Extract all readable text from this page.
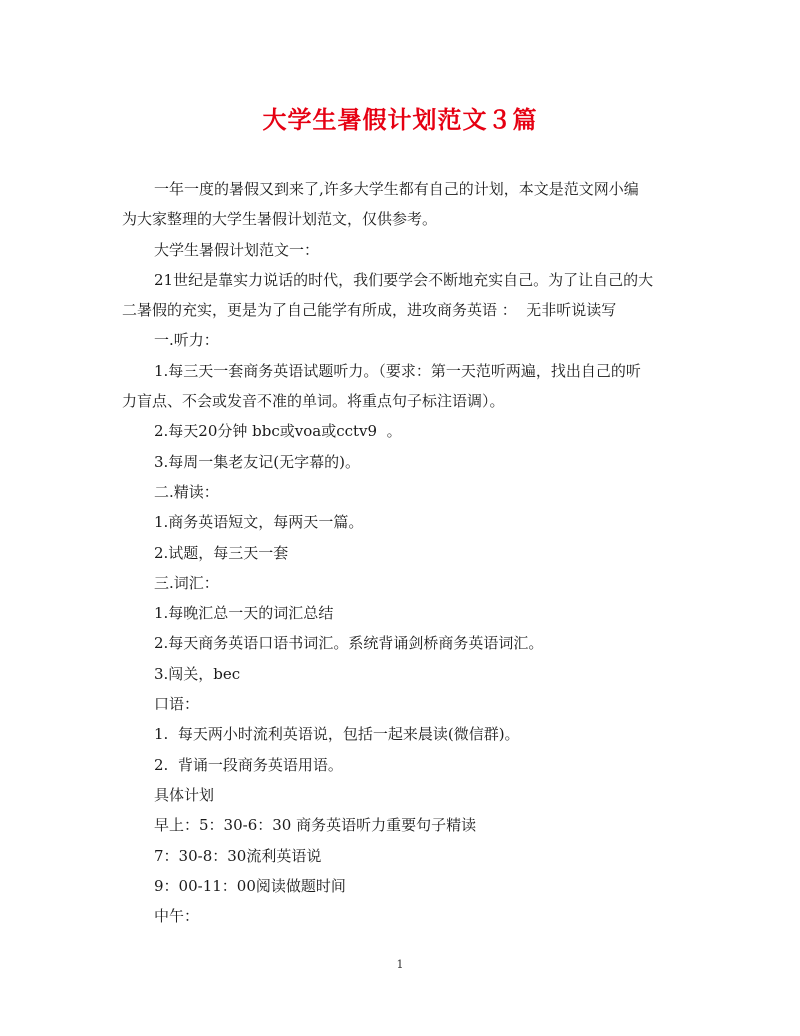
大学生暑假计划范文３篇

一年一度的暑假又到来了,许多大学生都有自己的计划，本文是范文网小编

为大家整理的大学生暑假计划范文，仅供参考。

大学生暑假计划范文一：

21世纪是靠实力说话的时代，我们要学会不断地充实自己。为了让自己的大

二暑假的充实，更是为了自己能学有所成，进攻商务英语 ：  无非听说读写

一.听力：

1.每三天一套商务英语试题听力。（要求：第一天范听两遍，找出自己的听

力盲点、不会或发音不准的单词。将重点句子标注语调）。

2.每天20分钟 bbc或voa或cctv9  。

3.每周一集老友记(无字幕的)。

二.精读：

1.商务英语短文，每两天一篇。

2.试题，每三天一套

三.词汇：

1.每晚汇总一天的词汇总结

2.每天商务英语口语书词汇。系统背诵剑桥商务英语词汇。

3.闯关，bec

口语：

1.  每天两小时流利英语说，包括一起来晨读(微信群)。

2.  背诵一段商务英语用语。

具体计划

早上：5：30-6：30 商务英语听力重要句子精读

7：30-8：30流利英语说

9：00-11：00阅读做题时间

中午：

1
